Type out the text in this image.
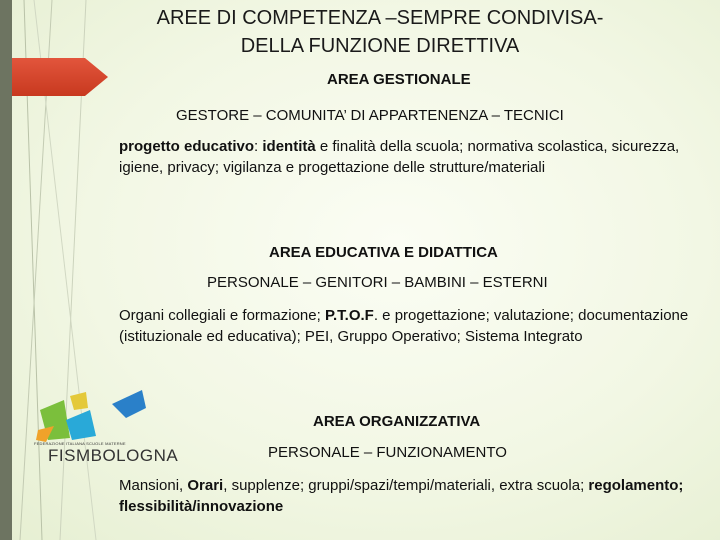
AREE DI COMPETENZA –SEMPRE CONDIVISA-
DELLA FUNZIONE DIRETTIVA
AREA GESTIONALE
GESTORE – COMUNITA’ DI APPARTENENZA – TECNICI
progetto educativo: identità e finalità della scuola; normativa scolastica, sicurezza, igiene, privacy; vigilanza e progettazione delle strutture/materiali
AREA EDUCATIVA E DIDATTICA
PERSONALE – GENITORI – BAMBINI – ESTERNI
Organi collegiali e formazione; P.T.O.F. e progettazione; valutazione; documentazione (istituzionale ed educativa); PEI, Gruppo Operativo; Sistema Integrato
AREA ORGANIZZATIVA
PERSONALE – FUNZIONAMENTO
Mansioni, Orari, supplenze; gruppi/spazi/tempi/materiali, extra scuola; regolamento; flessibilità/innovazione
FEDERAZIONE ITALIANA SCUOLE MATERNE
FISMBOLOGNA
